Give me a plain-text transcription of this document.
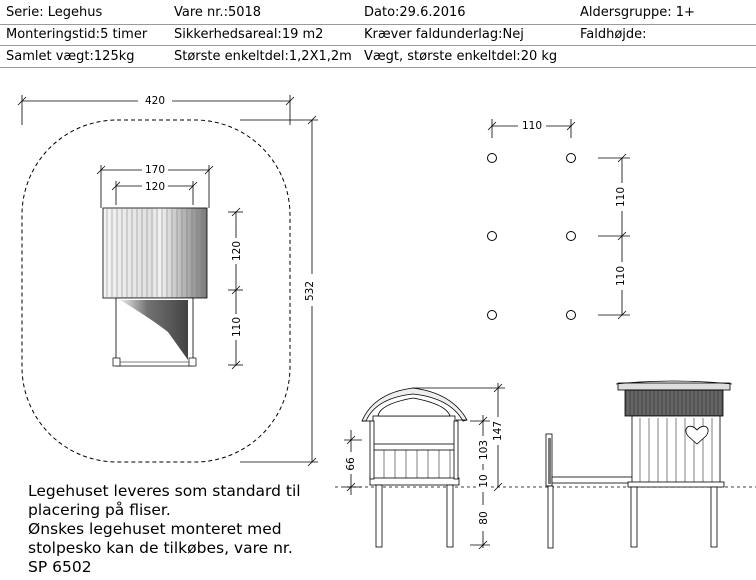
Serie: Legehus	Vare nr.:5018	Dato:29.6.2016	Aldersgruppe: 1+
Monteringstid:5 timer Sikkerhedsareal:19 m2	Kræver faldunderlag:Nej	Faldhøjde:
Samlet vægt:125kg	Største enkeltdel:1,2X1,2m Vægt, største enkeltdel:20 kg
420
532
170
120
120
110
110
110
110
66
147
103
10
80
Legehuset leveres som standard til
placering på fliser.
Ønskes legehuset monteret med
stolpesko kan de tilkøbes, vare nr.
SP 6502
